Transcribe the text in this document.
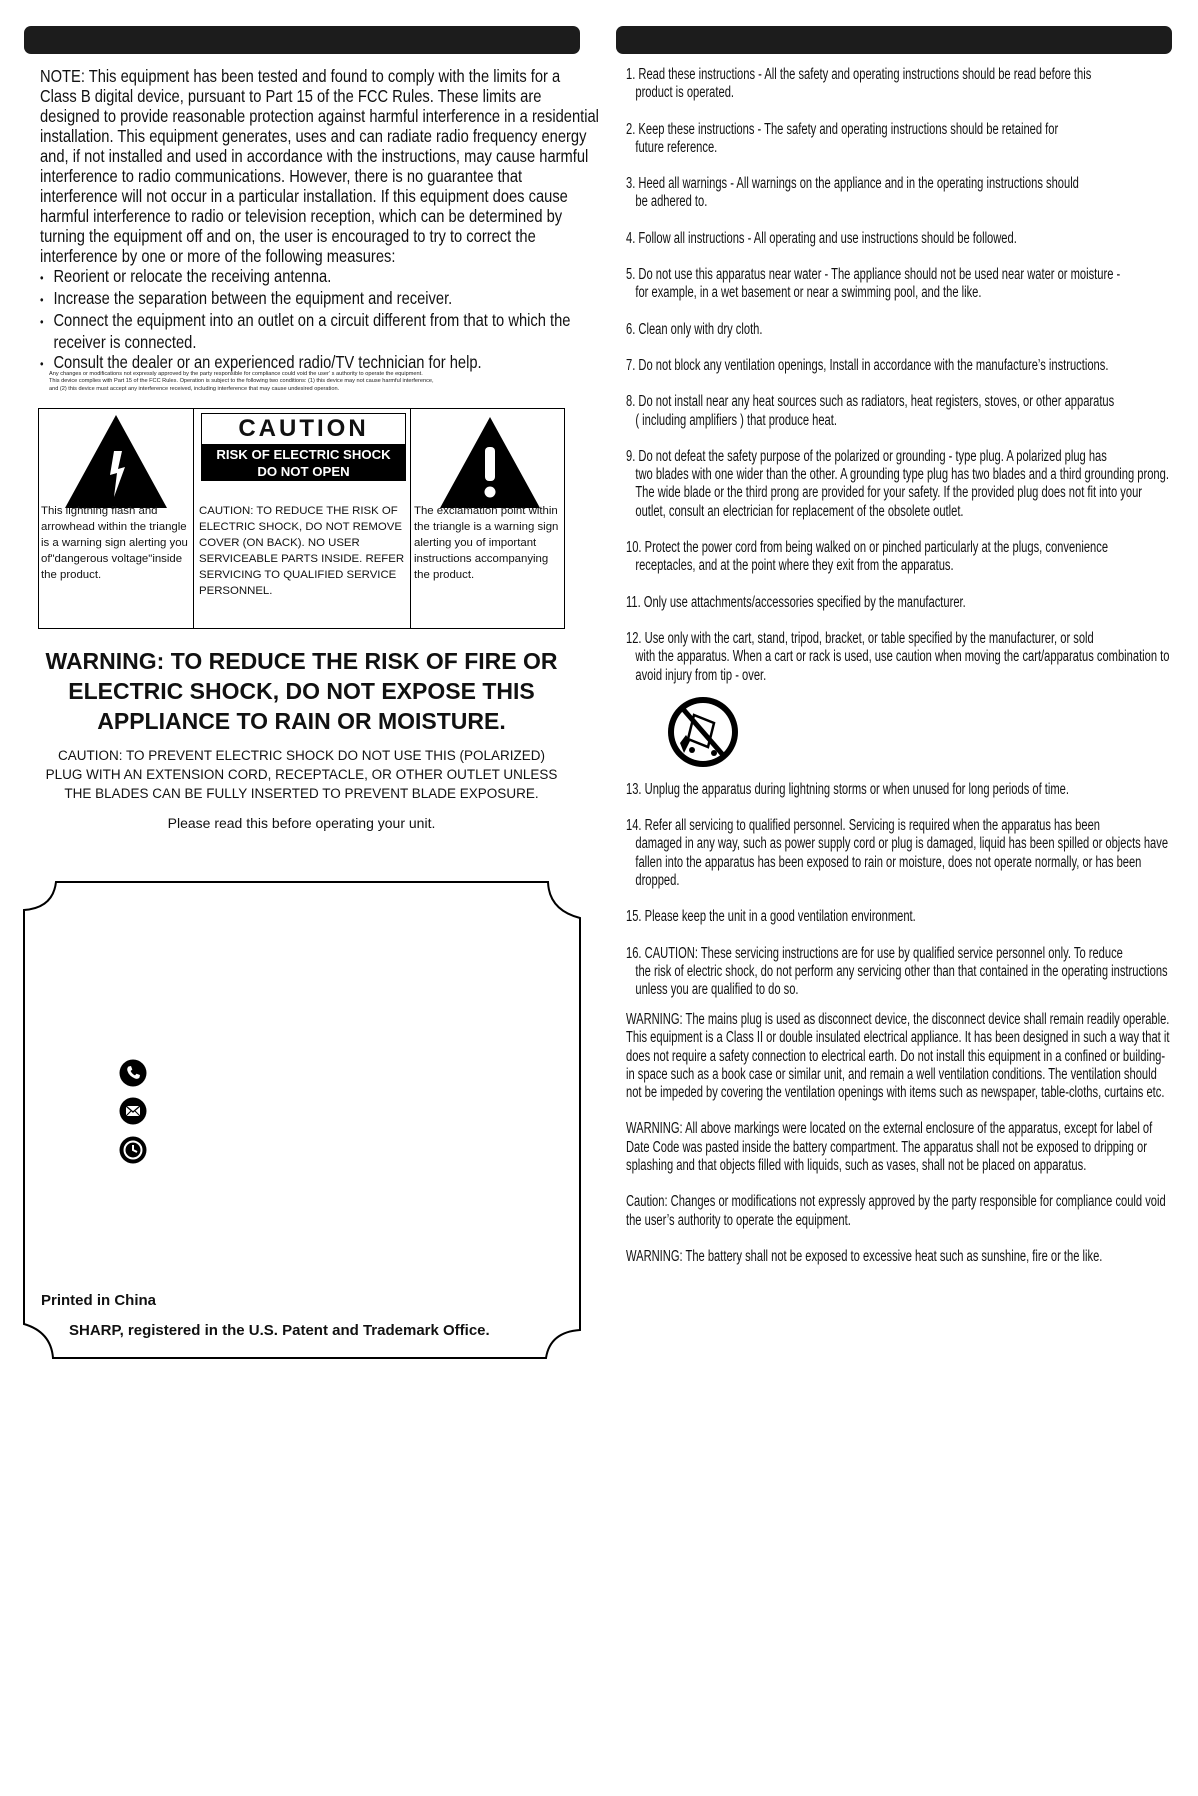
NOTE: This equipment has been tested and found to comply with the limits for a Class B digital device, pursuant to Part 15 of the FCC Rules. These limits are designed to provide reasonable protection against harmful interference in a residential installation. This equipment generates, uses and can radiate radio frequency energy and, if not installed and used in accordance with the instructions, may cause harmful interference to radio communications. However, there is no guarantee that interference will not occur in a particular installation. If this equipment does cause harmful interference to radio or television reception, which can be determined by turning the equipment off and on, the user is encouraged to try to correct the interference by one or more of the following measures:
• Reorient or relocate the receiving antenna.
• Increase the separation between the equipment and receiver.
• Connect the equipment into an outlet on a circuit different from that to which the receiver is connected.
• Consult the dealer or an experienced radio/TV technician for help.
Any changes or modifications not expressly approved by the party responsible for compliance could void the user’ s authority to operate the equipment.
This device complies with Part 15 of the FCC Rules. Operation is subject to the following two conditions: (1) this device may not cause harmful interference,
and (2) this device must accept any interference received, including interference that may cause undesired operation.
CAUTION
RISK OF ELECTRIC SHOCK
DO NOT OPEN
This lightning flash and arrowhead within the triangle is a warning sign alerting you of"dangerous voltage"inside the product.
CAUTION: TO REDUCE THE RISK OF ELECTRIC SHOCK, DO NOT REMOVE COVER (ON BACK). NO USER SERVICEABLE PARTS INSIDE. REFER SERVICING TO QUALIFIED SERVICE PERSONNEL.
The exclamation point within the triangle is a warning sign alerting you of important instructions accompanying the product.
WARNING: TO REDUCE THE RISK OF FIRE OR ELECTRIC SHOCK, DO NOT EXPOSE THIS APPLIANCE TO RAIN OR MOISTURE.
CAUTION: TO PREVENT ELECTRIC SHOCK DO NOT USE THIS (POLARIZED) PLUG WITH AN EXTENSION CORD, RECEPTACLE, OR OTHER OUTLET UNLESS THE BLADES CAN BE FULLY INSERTED TO PREVENT BLADE EXPOSURE.
Please read this before operating your unit.
Printed in China
SHARP, registered in the U.S. Patent and Trademark Office.
1. Read these instructions - All the safety and operating instructions should be read before this
product is operated.
2. Keep these instructions - The safety and operating instructions should be retained for
future reference.
3. Heed all warnings - All warnings on the appliance and in the operating instructions should
be adhered to.
4. Follow all instructions - All operating and use instructions should be followed.
5. Do not use this apparatus near water - The appliance should not be used near water or moisture -
for example, in a wet basement or near a swimming pool, and the like.
6. Clean only with dry cloth.
7. Do not block any ventilation openings, Install in accordance with the manufacture’s instructions.
8. Do not install near any heat sources such as radiators, heat registers, stoves, or other apparatus
( including amplifiers ) that produce heat.
9. Do not defeat the safety purpose of the polarized or grounding - type plug. A polarized plug has
two blades with one wider than the other. A grounding type plug has two blades and a third grounding prong. The wide blade or the third prong are provided for your safety. If the provided plug does not fit into your outlet, consult an electrician for replacement of the obsolete outlet.
10. Protect the power cord from being walked on or pinched particularly at the plugs, convenience
receptacles, and at the point where they exit from the apparatus.
11. Only use attachments/accessories specified by the manufacturer.
12. Use only with the cart, stand, tripod, bracket, or table specified by the manufacturer, or sold
with the apparatus. When a cart or rack is used, use caution when moving the cart/apparatus combination to avoid injury from tip - over.
13. Unplug the apparatus during lightning storms or when unused for long periods of time.
14. Refer all servicing to qualified personnel. Servicing is required when the apparatus has been
damaged in any way, such as power supply cord or plug is damaged, liquid has been spilled or objects have fallen into the apparatus has been exposed to rain or moisture, does not operate normally, or has been dropped.
15. Please keep the unit in a good ventilation environment.
16. CAUTION: These servicing instructions are for use by qualified service personnel only. To reduce
the risk of electric shock, do not perform any servicing other than that contained in the operating instructions unless you are qualified to do so.

WARNING: The mains plug is used as disconnect device, the disconnect device shall remain readily operable. This equipment is a Class II or double insulated electrical appliance. It has been designed in such a way that it does not require a safety connection to electrical earth. Do not install this equipment in a confined or building-in space such as a book case or similar unit, and remain a well ventilation conditions. The ventilation should not be impeded by covering the ventilation openings with items such as newspaper, table-cloths, curtains etc.

WARNING: All above markings were located on the external enclosure of the apparatus, except for label of Date Code was pasted inside the battery compartment. The apparatus shall not be exposed to dripping or splashing and that objects filled with liquids, such as vases, shall not be placed on apparatus.

Caution: Changes or modifications not expressly approved by the party responsible for compliance could void the user’s authority to operate the equipment.

WARNING: The battery shall not be exposed to excessive heat such as sunshine, fire or the like.
